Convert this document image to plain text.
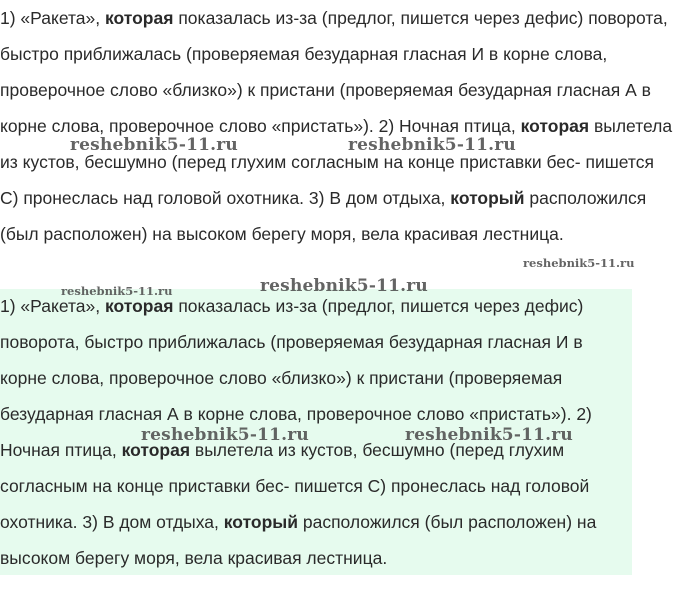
1) «Ракета», которая показалась из-за (предлог, пишется через дефис) поворота, быстро приближалась (проверяемая безударная гласная И в корне слова, проверочное слово «близко») к пристани (проверяемая безударная гласная А в корне слова, проверочное слово «пристать»). 2) Ночная птица, которая вылетела из кустов, бесшумно (перед глухим согласным на конце приставки бес- пишется С) пронеслась над головой охотника. 3) В дом отдыха, который расположился (был расположен) на высоком берегу моря, вела красивая лестница.

1) «Ракета», которая показалась из-за (предлог, пишется через дефис) поворота, быстро приближалась (проверяемая безударная гласная И в корне слова, проверочное слово «близко») к пристани (проверяемая безударная гласная А в корне слова, проверочное слово «пристать»). 2) Ночная птица, которая вылетела из кустов, бесшумно (перед глухим согласным на конце приставки бес- пишется С) пронеслась над головой охотника. 3) В дом отдыха, который расположился (был расположен) на высоком берегу моря, вела красивая лестница.

reshebnik5-11.ru	reshebnik5-11.ru
reshebnik5-11.ru
reshebnik5-11.ru
reshebnik5-11.ru
reshebnik5-11.ru	reshebnik5-11.ru
